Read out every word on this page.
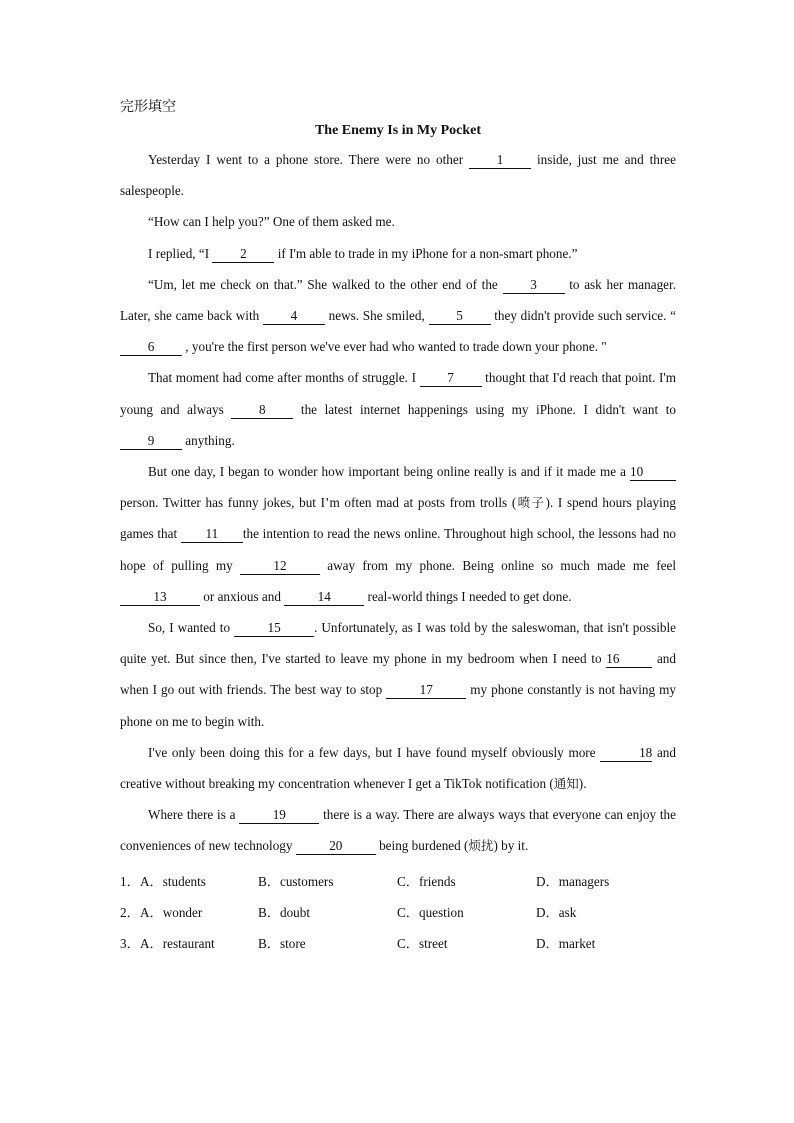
完形填空

The Enemy Is in My Pocket

Yesterday I went to a phone store. There were no other 1 inside, just me and three salespeople.

“How can I help you?” One of them asked me.

I replied, “I 2 if I'm able to trade in my iPhone for a non-smart phone.”

“Um, let me check on that.” She walked to the other end of the 3 to ask her manager. Later, she came back with 4 news. She smiled, 5 they didn't provide such service. “6 , you're the first person we've ever had who wanted to trade down your phone. "

That moment had come after months of struggle. I 7 thought that I'd reach that point. I'm young and always 8 the latest internet happenings using my iPhone. I didn't want to 9 anything.

But one day, I began to wonder how important being online really is and if it made me a 10 person. Twitter has funny jokes, but I’m often mad at posts from trolls (喷子). I spend hours playing games that 11 the intention to read the news online. Throughout high school, the lessons had no hope of pulling my	12	away from my phone. Being online so much made me feel 13	or anxious and	14	real-world things I needed to get done.

So, I wanted to	15	. Unfortunately, as I was told by the saleswoman, that isn't possible quite yet. But since then, I've started to leave my phone in my bedroom when I need to 16 and when I go out with friends. The best way to stop	17	my phone constantly is not having my phone on me to begin with.

I've only been doing this for a few days, but I have found myself obviously more	18 and creative without breaking my concentration whenever I get a TikTok notification (通知).

Where there is a	19	there is a way. There are always ways that everyone can enjoy the conveniences of new technology	20	being burdened (烦扰) by it.

1． A．students	B．customers	C．friends	D．managers
2． A．wonder	B．doubt	C．question	D．ask
3． A．restaurant	B．store	C．street	D．market
